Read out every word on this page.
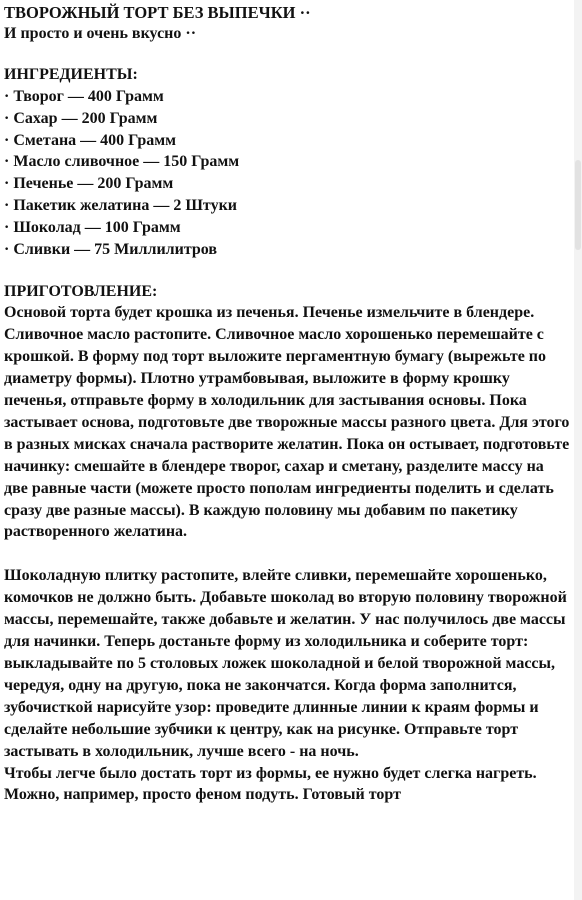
ТВОРОЖНЫЙ ТОРТ БЕЗ ВЫПЕЧКИ ··

И просто и очень вкусно ··

ИНГРЕДИЕНТЫ:
· Творог — 400 Грамм
· Сахар — 200 Грамм
· Сметана — 400 Грамм
· Масло сливочное — 150 Грамм
· Печенье — 200 Грамм
· Пакетик желатина — 2 Штуки
· Шоколад — 100 Грамм
· Сливки — 75 Миллилитров
ПРИГОТОВЛЕНИЕ:

Основой торта будет крошка из печенья. Печенье измельчите в блендере. Сливочное масло растопите. Сливочное масло хорошенько перемешайте с крошкой. В форму под торт выложите пергаментную бумагу (вырежьте по диаметру формы). Плотно утрамбовывая, выложите в форму крошку печенья, отправьте форму в холодильник для застывания основы. Пока застывает основа, подготовьте две творожные массы разного цвета. Для этого в разных мисках сначала растворите желатин. Пока он остывает, подготовьте начинку: смешайте в блендере творог, сахар и сметану, разделите массу на две равные части (можете просто пополам ингредиенты поделить и сделать сразу две разные массы). В каждую половину мы добавим по пакетику растворенного желатина.

Шоколадную плитку растопите, влейте сливки, перемешайте хорошенько, комочков не должно быть. Добавьте шоколад во вторую половину творожной массы, перемешайте, также добавьте и желатин. У нас получилось две массы для начинки. Теперь достаньте форму из холодильника и соберите торт: выкладывайте по 5 столовых ложек шоколадной и белой творожной массы, чередуя, одну на другую, пока не закончатся. Когда форма заполнится, зубочисткой нарисуйте узор: проведите длинные линии к краям формы и сделайте небольшие зубчики к центру, как на рисунке. Отправьте торт застывать в холодильник, лучше всего - на ночь.

Чтобы легче было достать торт из формы, ее нужно будет слегка нагреть. Можно, например, просто феном подуть. Готовый торт
